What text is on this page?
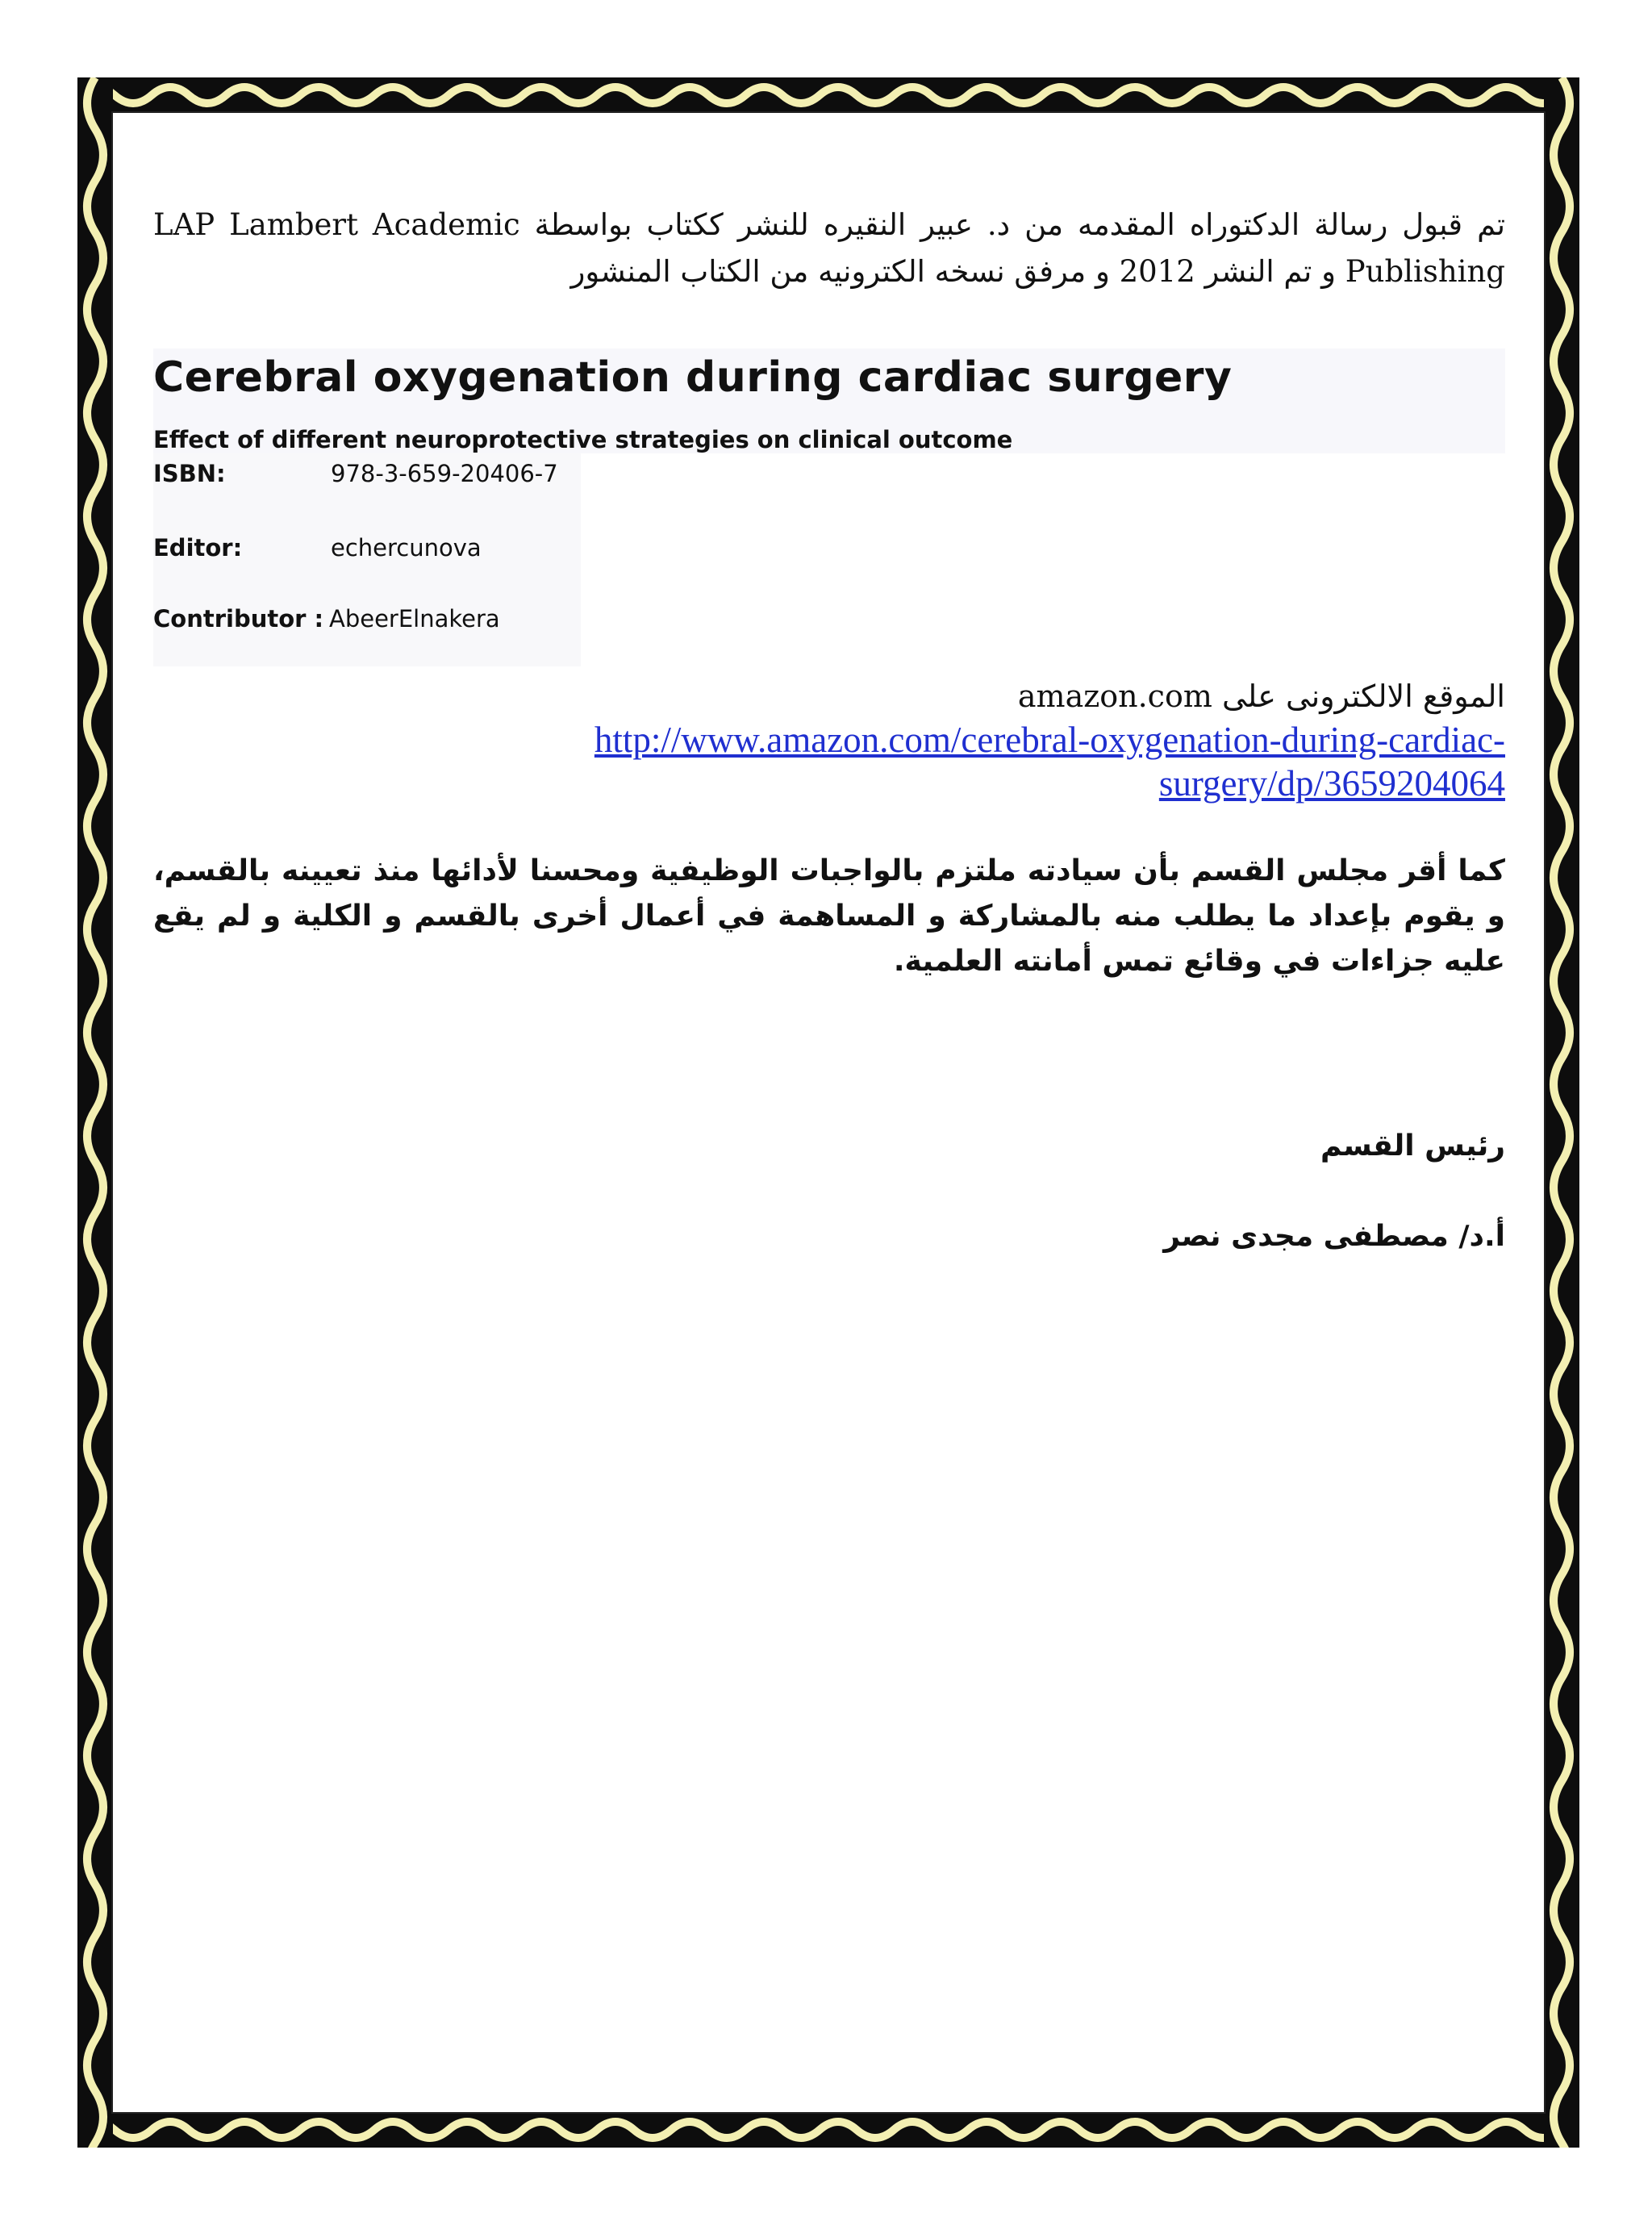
تم قبول رسالة الدكتوراه المقدمه من د. عبير النقيره للنشر ككتاب بواسطة LAP Lambert Academic Publishing و تم النشر 2012 و مرفق نسخه الكترونيه من الكتاب المنشور
Cerebral oxygenation during cardiac surgery
Effect of different neuroprotective strategies on clinical outcome
ISBN:	978-3-659-20406-7
Editor:	echercunova
Contributor : AbeerElnakera
الموقع الالكترونى على amazon.com
http://www.amazon.com/cerebral-oxygenation-during-cardiac-
surgery/dp/3659204064
كما أقر مجلس القسم بأن سيادته ملتزم بالواجبات الوظيفية ومحسنا لأدائها منذ تعيينه بالقسم، و يقوم بإعداد ما يطلب منه بالمشاركة و المساهمة في أعمال أخرى بالقسم و الكلية و لم يقع عليه جزاءات في وقائع تمس أمانته العلمية.
رئيس القسم
أ.د/ مصطفى مجدى نصر
